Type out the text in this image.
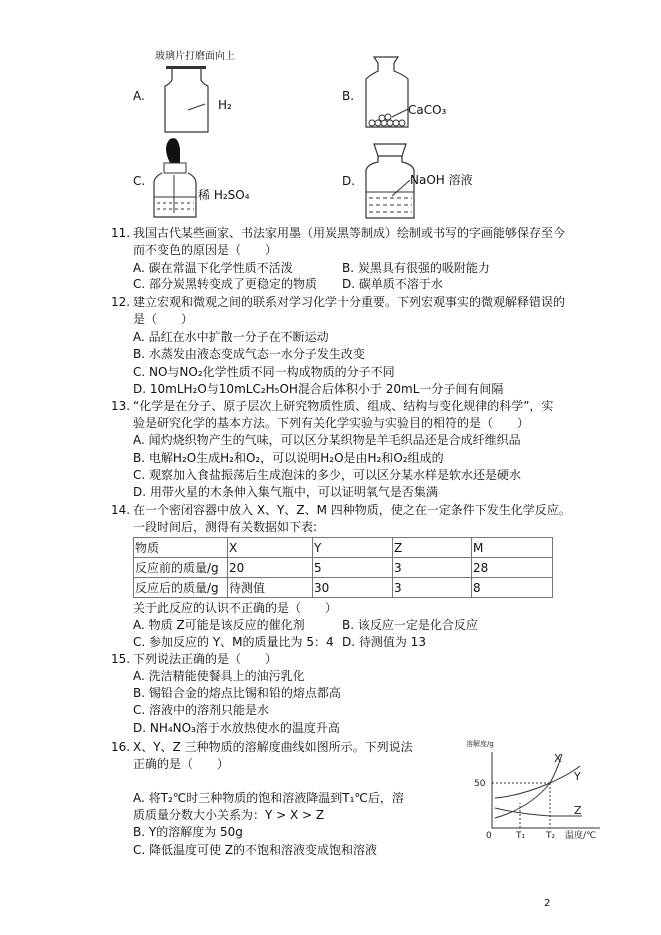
A.
玻璃片打磨面向上
H₂
B.
CaCO₃
C.
稀 H₂SO₄
D.	NaOH 溶液
11. 我国古代某些画家、书法家用墨（用炭黑等制成）绘制或书写的字画能够保存至今
而不变色的原因是（　　）
A. 碳在常温下化学性质不活泼	B. 炭黑具有很强的吸附能力
C. 部分炭黑转变成了更稳定的物质 D. 碳单质不溶于水
12. 建立宏观和微观之间的联系对学习化学十分重要。下列宏观事实的微观解释错误的
是（　　）
A. 品红在水中扩散一分子在不断运动
B. 水蒸发由液态变成气态一水分子发生改变
C. NO与NO₂化学性质不同一构成物质的分子不同
D. 10mLH₂O与10mLC₂H₅OH混合后体积小于 20mL一分子间有间隔
13. “化学是在分子、原子层次上研究物质性质、组成、结构与变化规律的科学”，实
验是研究化学的基本方法。下列有关化学实验与实验目的相符的是（　　）
A. 闻灼烧织物产生的气味，可以区分某织物是羊毛织品还是合成纤维织品
B. 电解H₂O生成H₂和O₂，可以说明H₂O是由H₂和O₂组成的
C. 观察加入食盐振荡后生成泡沫的多少，可以区分某水样是软水还是硬水
D. 用带火星的木条伸入集气瓶中，可以证明氧气是否集满
14. 在一个密闭容器中放入 X、Y、Z、M 四种物质，使之在一定条件下发生化学反应。
一段时间后，测得有关数据如下表:
物质	X	Y	Z	M
反应前的质量/g	20	5	3	28
反应后的质量/g	待测值	30	3	8
关于此反应的认识不正确的是（　　）
A. 物质 Z可能是该反应的催化剂	B. 该反应一定是化合反应
C. 参加反应的 Y、M的质量比为 5：4 D. 待测值为 13
15. 下列说法正确的是（　　）
A. 洗洁精能使餐具上的油污乳化
B. 锡铅合金的熔点比锡和铅的熔点都高
C. 溶液中的溶剂只能是水
D. NH₄NO₃溶于水放热使水的温度升高
16. X、Y、Z 三种物质的溶解度曲线如图所示。下列说法
正确的是（　　）
A. 将T₂℃时三种物质的饱和溶液降温到T₁℃后，溶
质质量分数大小关系为：Y > X > Z
B. Y的溶解度为 50g
C. 降低温度可使 Z的不饱和溶液变成饱和溶液
50
0	T₁ T₂ 温度/℃
溶解度/g
X
Y
Z
2
